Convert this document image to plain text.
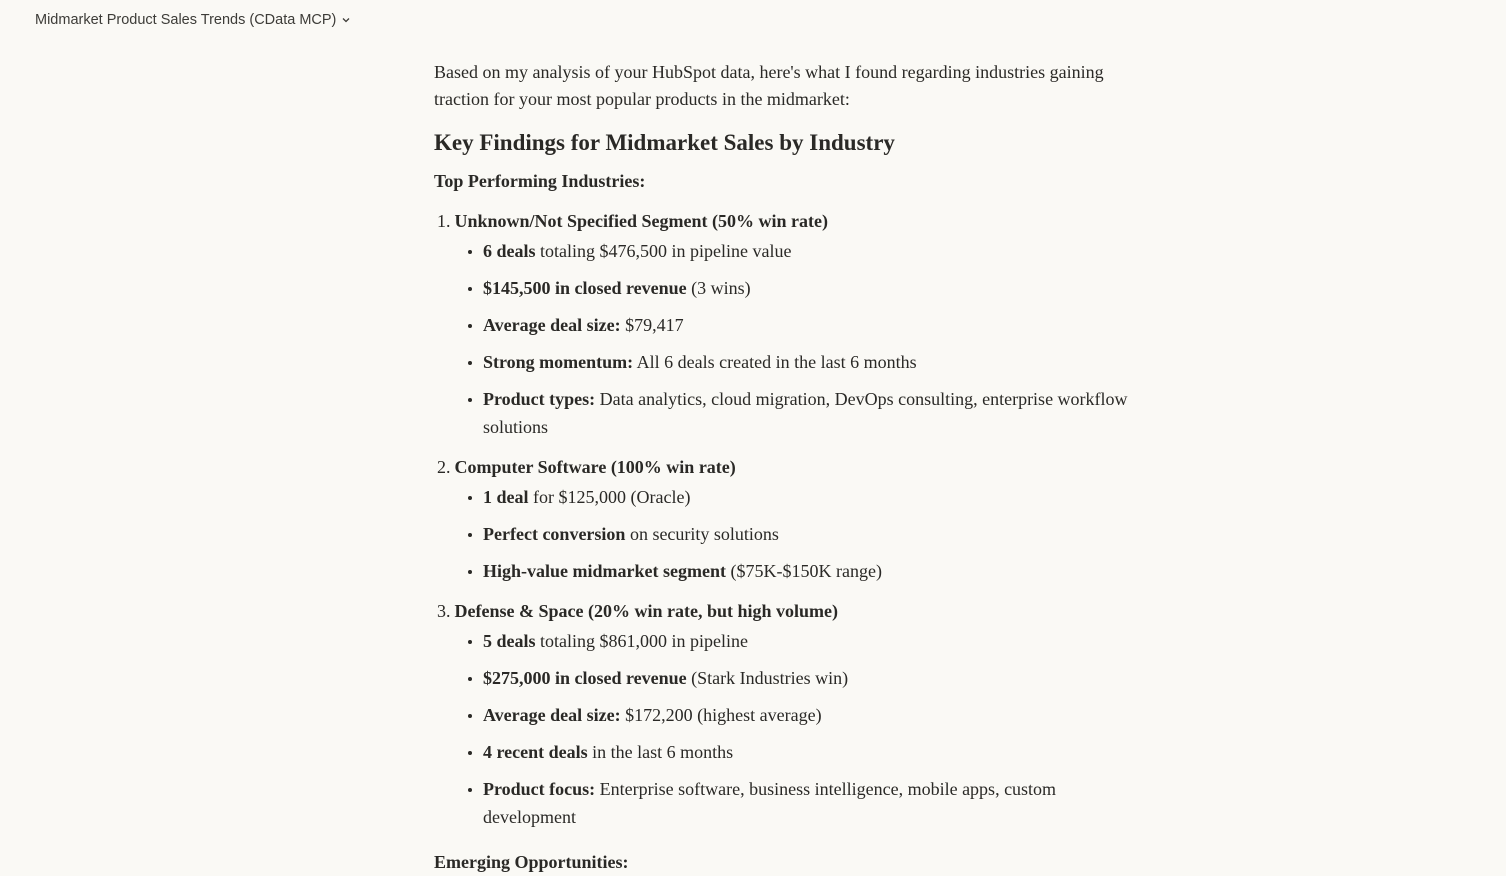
Midmarket Product Sales Trends (CData MCP)

Based on my analysis of your HubSpot data, here's what I found regarding industries gaining traction for your most popular products in the midmarket:

Key Findings for Midmarket Sales by Industry
Top Performing Industries:
1. Unknown/Not Specified Segment (50% win rate)
6 deals totaling $476,500 in pipeline value
$145,500 in closed revenue (3 wins)
Average deal size: $79,417
Strong momentum: All 6 deals created in the last 6 months
Product types: Data analytics, cloud migration, DevOps consulting, enterprise workflow solutions
2. Computer Software (100% win rate)
1 deal for $125,000 (Oracle)
Perfect conversion on security solutions
High-value midmarket segment ($75K-$150K range)
3. Defense & Space (20% win rate, but high volume)
5 deals totaling $861,000 in pipeline
$275,000 in closed revenue (Stark Industries win)
Average deal size: $172,200 (highest average)
4 recent deals in the last 6 months
Product focus: Enterprise software, business intelligence, mobile apps, custom development
Emerging Opportunities:
